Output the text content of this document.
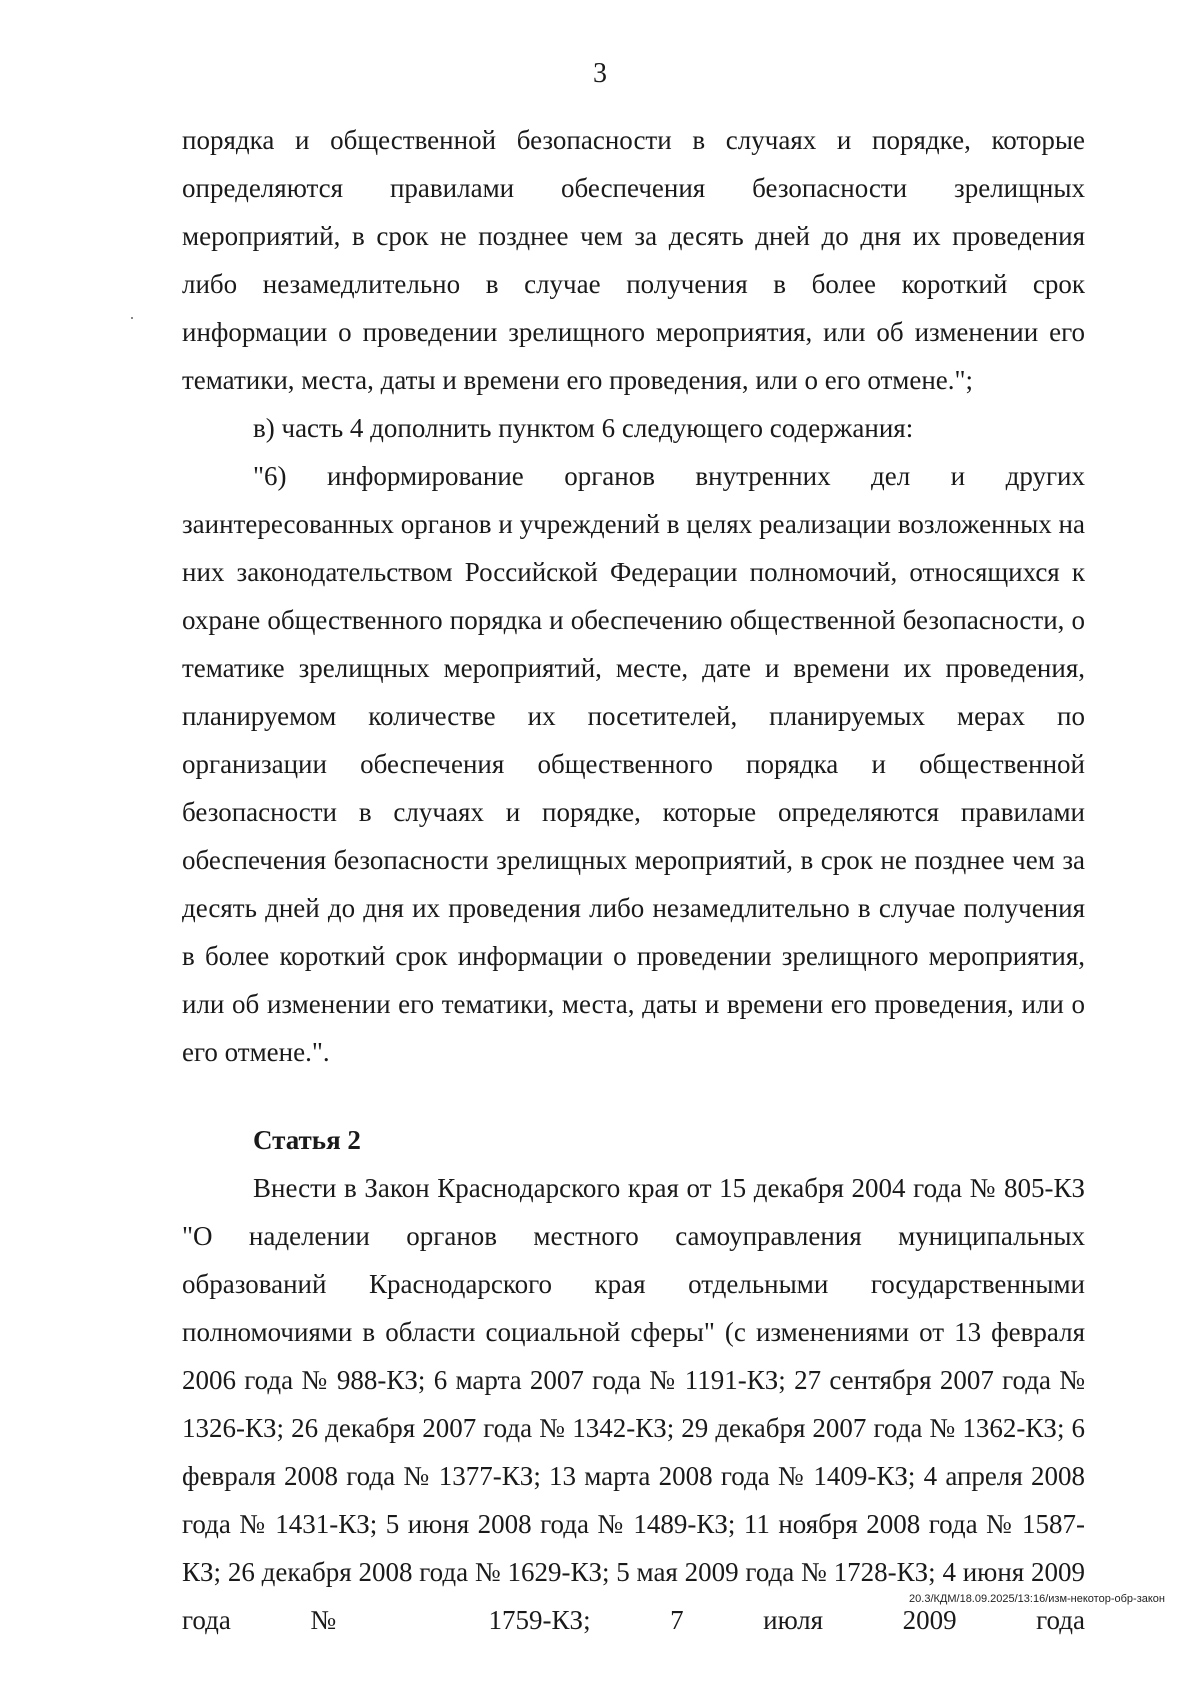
3

порядка и общественной безопасности в случаях и порядке, которые определяются правилами обеспечения безопасности зрелищных мероприятий, в срок не позднее чем за десять дней до дня их проведения либо незамедлительно в случае получения в более короткий срок информации о проведении зрелищного мероприятия, или об изменении его тематики, места, даты и времени его проведения, или о его отмене.";

в) часть 4 дополнить пунктом 6 следующего содержания:

"6) информирование органов внутренних дел и других заинтересованных органов и учреждений в целях реализации возложенных на них законодательством Российской Федерации полномочий, относящихся к охране общественного порядка и обеспечению общественной безопасности, о тематике зрелищных мероприятий, месте, дате и времени их проведения, планируемом количестве их посетителей, планируемых мерах по организации обеспечения общественного порядка и общественной безопасности в случаях и порядке, которые определяются правилами обеспечения безопасности зрелищных мероприятий, в срок не позднее чем за десять дней до дня их проведения либо незамедлительно в случае получения в более короткий срок информации о проведении зрелищного мероприятия, или об изменении его тематики, места, даты и времени его проведения, или о его отмене.".

Статья 2

Внести в Закон Краснодарского края от 15 декабря 2004 года № 805-КЗ "О наделении органов местного самоуправления муниципальных образований Краснодарского края отдельными государственными полномочиями в области социальной сферы" (с изменениями от 13 февраля 2006 года № 988-КЗ; 6 марта 2007 года № 1191-КЗ; 27 сентября 2007 года № 1326-КЗ; 26 декабря 2007 года № 1342-КЗ; 29 декабря 2007 года № 1362-КЗ; 6 февраля 2008 года № 1377-КЗ; 13 марта 2008 года № 1409-КЗ; 4 апреля 2008 года № 1431-КЗ; 5 июня 2008 года № 1489-КЗ; 11 ноября 2008 года № 1587-КЗ; 26 декабря 2008 года № 1629-КЗ; 5 мая 2009 года № 1728-КЗ; 4 июня 2009 года № 1759-КЗ; 7 июля 2009 года

20.3/КДМ/18.09.2025/13:16/изм-некотор-обр-закон
